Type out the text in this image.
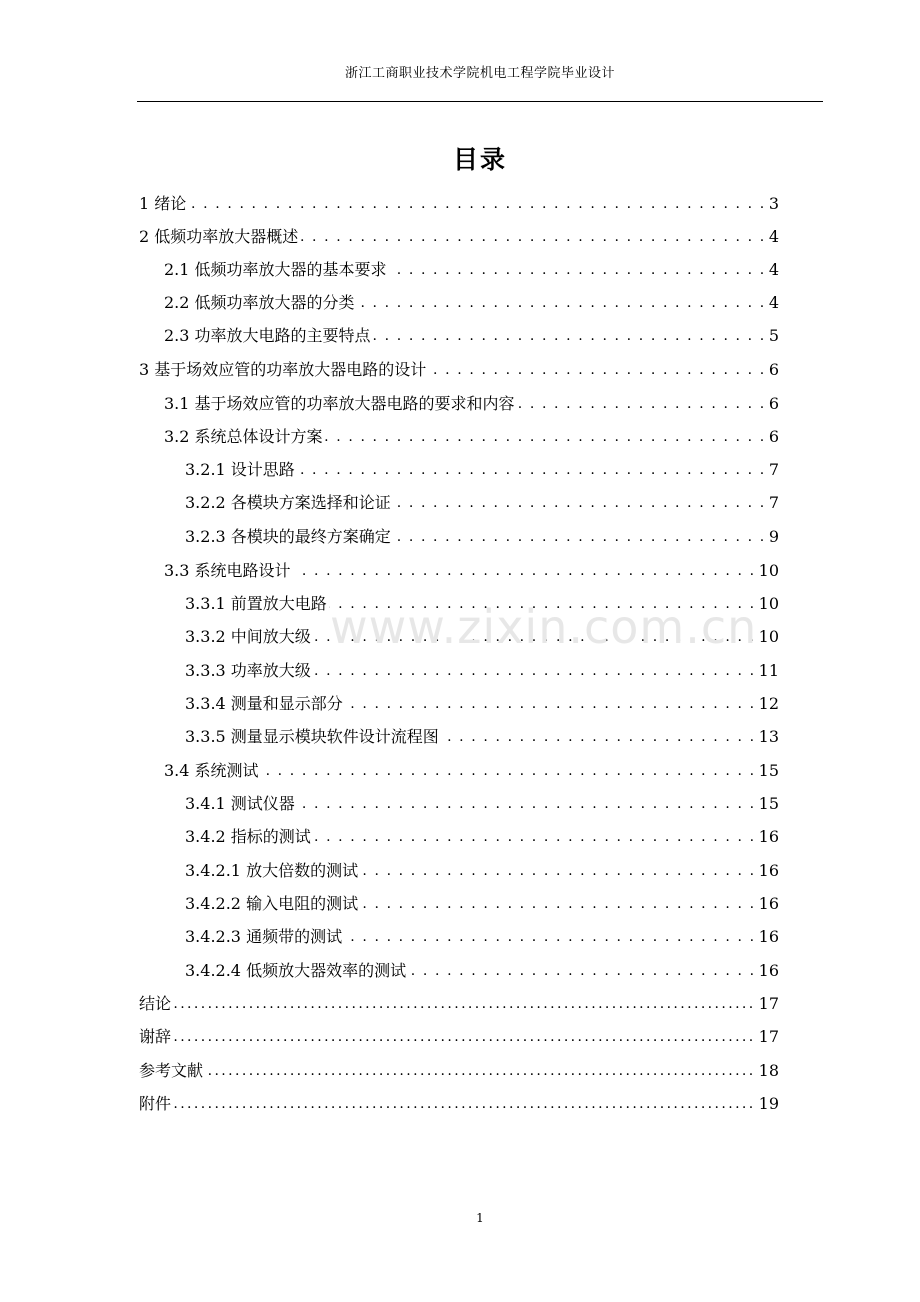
浙江工商职业技术学院机电工程学院毕业设计
目录
1 绪论 . . .	3
2 低频功率放大器概述 . . .	4
2.1 低频功率放大器的基本要求 . . .	4
2.2 低频功率放大器的分类 . . .	4
2.3 功率放大电路的主要特点 . . .	5
3 基于场效应管的功率放大器电路的设计 . . .	6
3.1 基于场效应管的功率放大器电路的要求和内容 . . .	6
3.2 系统总体设计方案 . . .	6
3.2.1 设计思路 . . .	7
3.2.2 各模块方案选择和论证 . . .	7
3.2.3 各模块的最终方案确定 . . .	9
3.3 系统电路设计 . . .	10
3.3.1 前置放大电路 . . .	10
3.3.2 中间放大级 . . .	10
3.3.3 功率放大级 . . .	11
3.3.4 测量和显示部分 . . .	12
3.3.5 测量显示模块软件设计流程图 . . .	13
3.4 系统测试 . . .	15
3.4.1 测试仪器 . . .	15
3.4.2 指标的测试 . . .	16
3.4.2.1 放大倍数的测试 . . .	16
3.4.2.2 输入电阻的测试 . . .	16
3.4.2.3 通频带的测试 . . .	16
3.4.2.4 低频放大器效率的测试 . . .	16
结论 .....	17
谢辞 .....	17
参考文献 .....	18
附件 .....	19
www.zixin.com.cn
1
